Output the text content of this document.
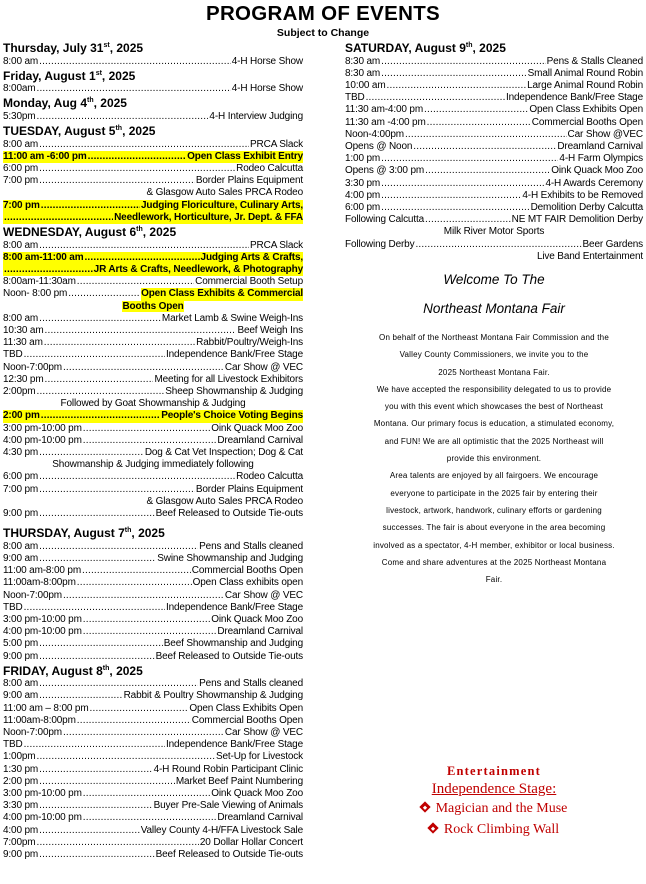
PROGRAM OF EVENTS
Subject to Change
Thursday, July 31st, 2025
8:00 am .....	4-H Horse Show
Friday, August 1st, 2025
8:00am .....	4-H Horse Show
Monday, Aug 4th, 2025
5:30pm .....	4-H Interview Judging
TUESDAY, August 5th, 2025
8:00 am .....	PRCA Slack
11:00 am -6:00 pm .....	Open Class Exhibit Entry
6:00 pm .....	Rodeo Calcutta
7:00 pm .....	Border Plains Equipment
& Glasgow Auto Sales PRCA Rodeo
7:00 pm .....	Judging Floriculture, Culinary Arts,
.....
Needlework, Horticulture, Jr. Dept. & FFA
WEDNESDAY, August 6th, 2025
8:00 am .....	PRCA Slack
8:00 am-11:00 am .....	Judging Arts & Crafts,
.....
JR Arts & Crafts, Needlework, & Photography
8:00am-11:30am .....	Commercial Booth Setup
Noon- 8:00 pm .....	Open Class Exhibits & Commercial
Booths Open
8:00 am .....	Market Lamb & Swine Weigh-Ins
10:30 am .....	Beef Weigh Ins
11:30 am .....	Rabbit/Poultry/Weigh-Ins
TBD .....	Independence Bank/Free Stage
Noon-7:00pm .....	Car Show @ VEC
12:30 pm .....	Meeting for all Livestock Exhibitors
2:00pm .....	Sheep Showmanship & Judging
Followed by Goat Showmanship & Judging
2:00 pm .....	People's Choice Voting Begins
3:00 pm-10:00 pm .....	Oink Quack Moo Zoo
4:00 pm-10:00 pm .....	Dreamland Carnival
4:30 pm .....	Dog & Cat Vet Inspection; Dog & Cat
Showmanship & Judging immediately following
6:00 pm .....	Rodeo Calcutta
7:00 pm .....	Border Plains Equipment
& Glasgow Auto Sales PRCA Rodeo
9:00 pm .....	Beef Released to Outside Tie-outs
THURSDAY, August 7th, 2025
8:00 am .....	Pens and Stalls cleaned
9:00 am .....	Swine Showmanship and Judging
11:00 am-8:00 pm .....	Commercial Booths Open
11:00am-8:00pm .....	Open Class exhibits open
Noon-7:00pm .....	Car Show @ VEC
TBD .....	Independence Bank/Free Stage
3:00 pm-10:00 pm .....	Oink Quack Moo Zoo
4:00 pm-10:00 pm .....	Dreamland Carnival
5:00 pm .....	Beef Showmanship and Judging
9:00 pm .....	Beef Released to Outside Tie-outs
FRIDAY, August 8th, 2025
8:00 am .....	Pens and Stalls cleaned
9:00 am .....	Rabbit & Poultry Showmanship & Judging
11:00 am – 8:00 pm .....	Open Class Exhibits Open
11:00am-8:00pm .....	Commercial Booths Open
Noon-7:00pm .....	Car Show @ VEC
TBD .....	Independence Bank/Free Stage
1:00pm .....	Set-Up for Livestock
1:30 pm .....	4-H Round Robin Participant Clinic
2:00 pm .....	Market Beef Paint Numbering
3:00 pm-10:00 pm .....	Oink Quack Moo Zoo
3:30 pm .....	Buyer Pre-Sale Viewing of Animals
4:00 pm-10:00 pm .....	Dreamland Carnival
4:00 pm .....	Valley County 4-H/FFA Livestock Sale
7:00pm .....	20 Dollar Hollar Concert
9:00 pm .....	Beef Released to Outside Tie-outs
SATURDAY, August 9th, 2025
8:30 am .....	Pens & Stalls Cleaned
8:30 am .....	Small Animal Round Robin
10:00 am .....	Large Animal Round Robin
TBD .....	Independence Bank/Free Stage
11:30 am-4:00 pm .....	Open Class Exhibits Open
11:30 am -4:00 pm .....	Commercial Booths Open
Noon-4:00pm .....	Car Show @VEC
Opens @ Noon .....	Dreamland Carnival
1:00 pm .....	4-H Farm Olympics
Opens @ 3:00 pm .....	Oink Quack Moo Zoo
3:30 pm .....	4-H Awards Ceremony
4:00 pm .....	4-H Exhibits to be Removed
6:00 pm .....	Demolition Derby Calcutta
Following Calcutta .....	NE MT FAIR Demolition Derby
Milk River Motor Sports
Following Derby .....	Beer Gardens
Live Band Entertainment
Welcome To The
Northeast Montana Fair

On behalf of the Northeast Montana Fair Commission and the

Valley County Commissioners, we invite you to the

2025 Northeast Montana Fair.

We have accepted the responsibility delegated to us to provide

you with this event which showcases the best of Northeast

Montana. Our primary focus is education, a stimulated economy,

and FUN! We are all optimistic that the 2025 Northeast will

provide this environment.

Area talents are enjoyed by all fairgoers. We encourage

everyone to participate in the 2025 fair by entering their

livestock, artwork, handwork, culinary efforts or gardening

successes. The fair is about everyone in the area becoming

involved as a spectator, 4-H member, exhibitor or local business.

Come and share adventures at the 2025 Northeast Montana

Fair.

Entertainment
Independence Stage:
Magician and the Muse
Rock Climbing Wall
